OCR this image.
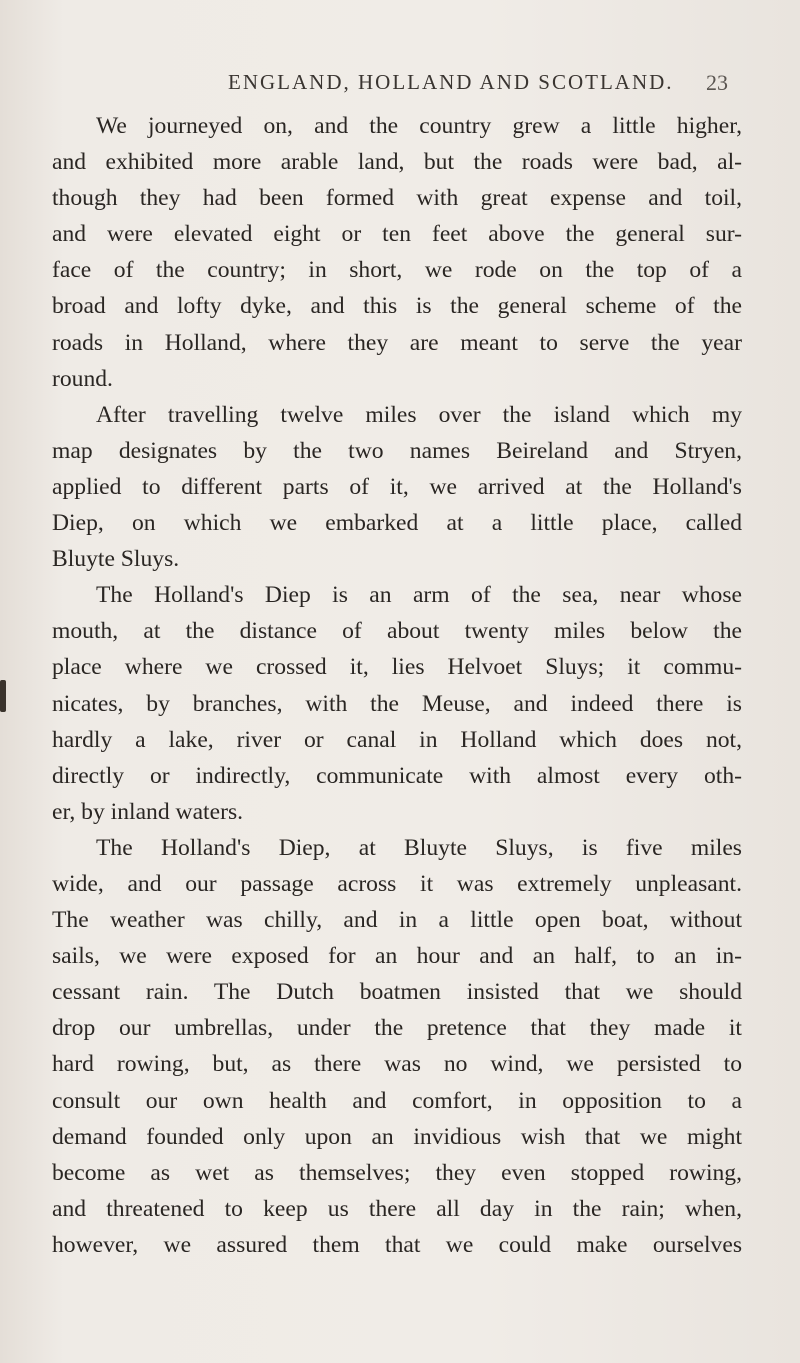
ENGLAND, HOLLAND AND SCOTLAND. 23
We journeyed on, and the country grew a little higher,
and exhibited more arable land, but the roads were bad, al-
though they had been formed with great expense and toil,
and were elevated eight or ten feet above the general sur-
face of the country; in short, we rode on the top of a
broad and lofty dyke, and this is the general scheme of the
roads in Holland, where they are meant to serve the year
round.
After travelling twelve miles over the island which my
map designates by the two names Beireland and Stryen,
applied to different parts of it, we arrived at the Holland's
Diep, on which we embarked at a little place, called
Bluyte Sluys.
The Holland's Diep is an arm of the sea, near whose
mouth, at the distance of about twenty miles below the
place where we crossed it, lies Helvoet Sluys; it commu-
nicates, by branches, with the Meuse, and indeed there is
hardly a lake, river or canal in Holland which does not,
directly or indirectly, communicate with almost every oth-
er, by inland waters.
The Holland's Diep, at Bluyte Sluys, is five miles
wide, and our passage across it was extremely unpleasant.
The weather was chilly, and in a little open boat, without
sails, we were exposed for an hour and an half, to an in-
cessant rain. The Dutch boatmen insisted that we should
drop our umbrellas, under the pretence that they made it
hard rowing, but, as there was no wind, we persisted to
consult our own health and comfort, in opposition to a
demand founded only upon an invidious wish that we might
become as wet as themselves; they even stopped rowing,
and threatened to keep us there all day in the rain; when,
however, we assured them that we could make ourselves
